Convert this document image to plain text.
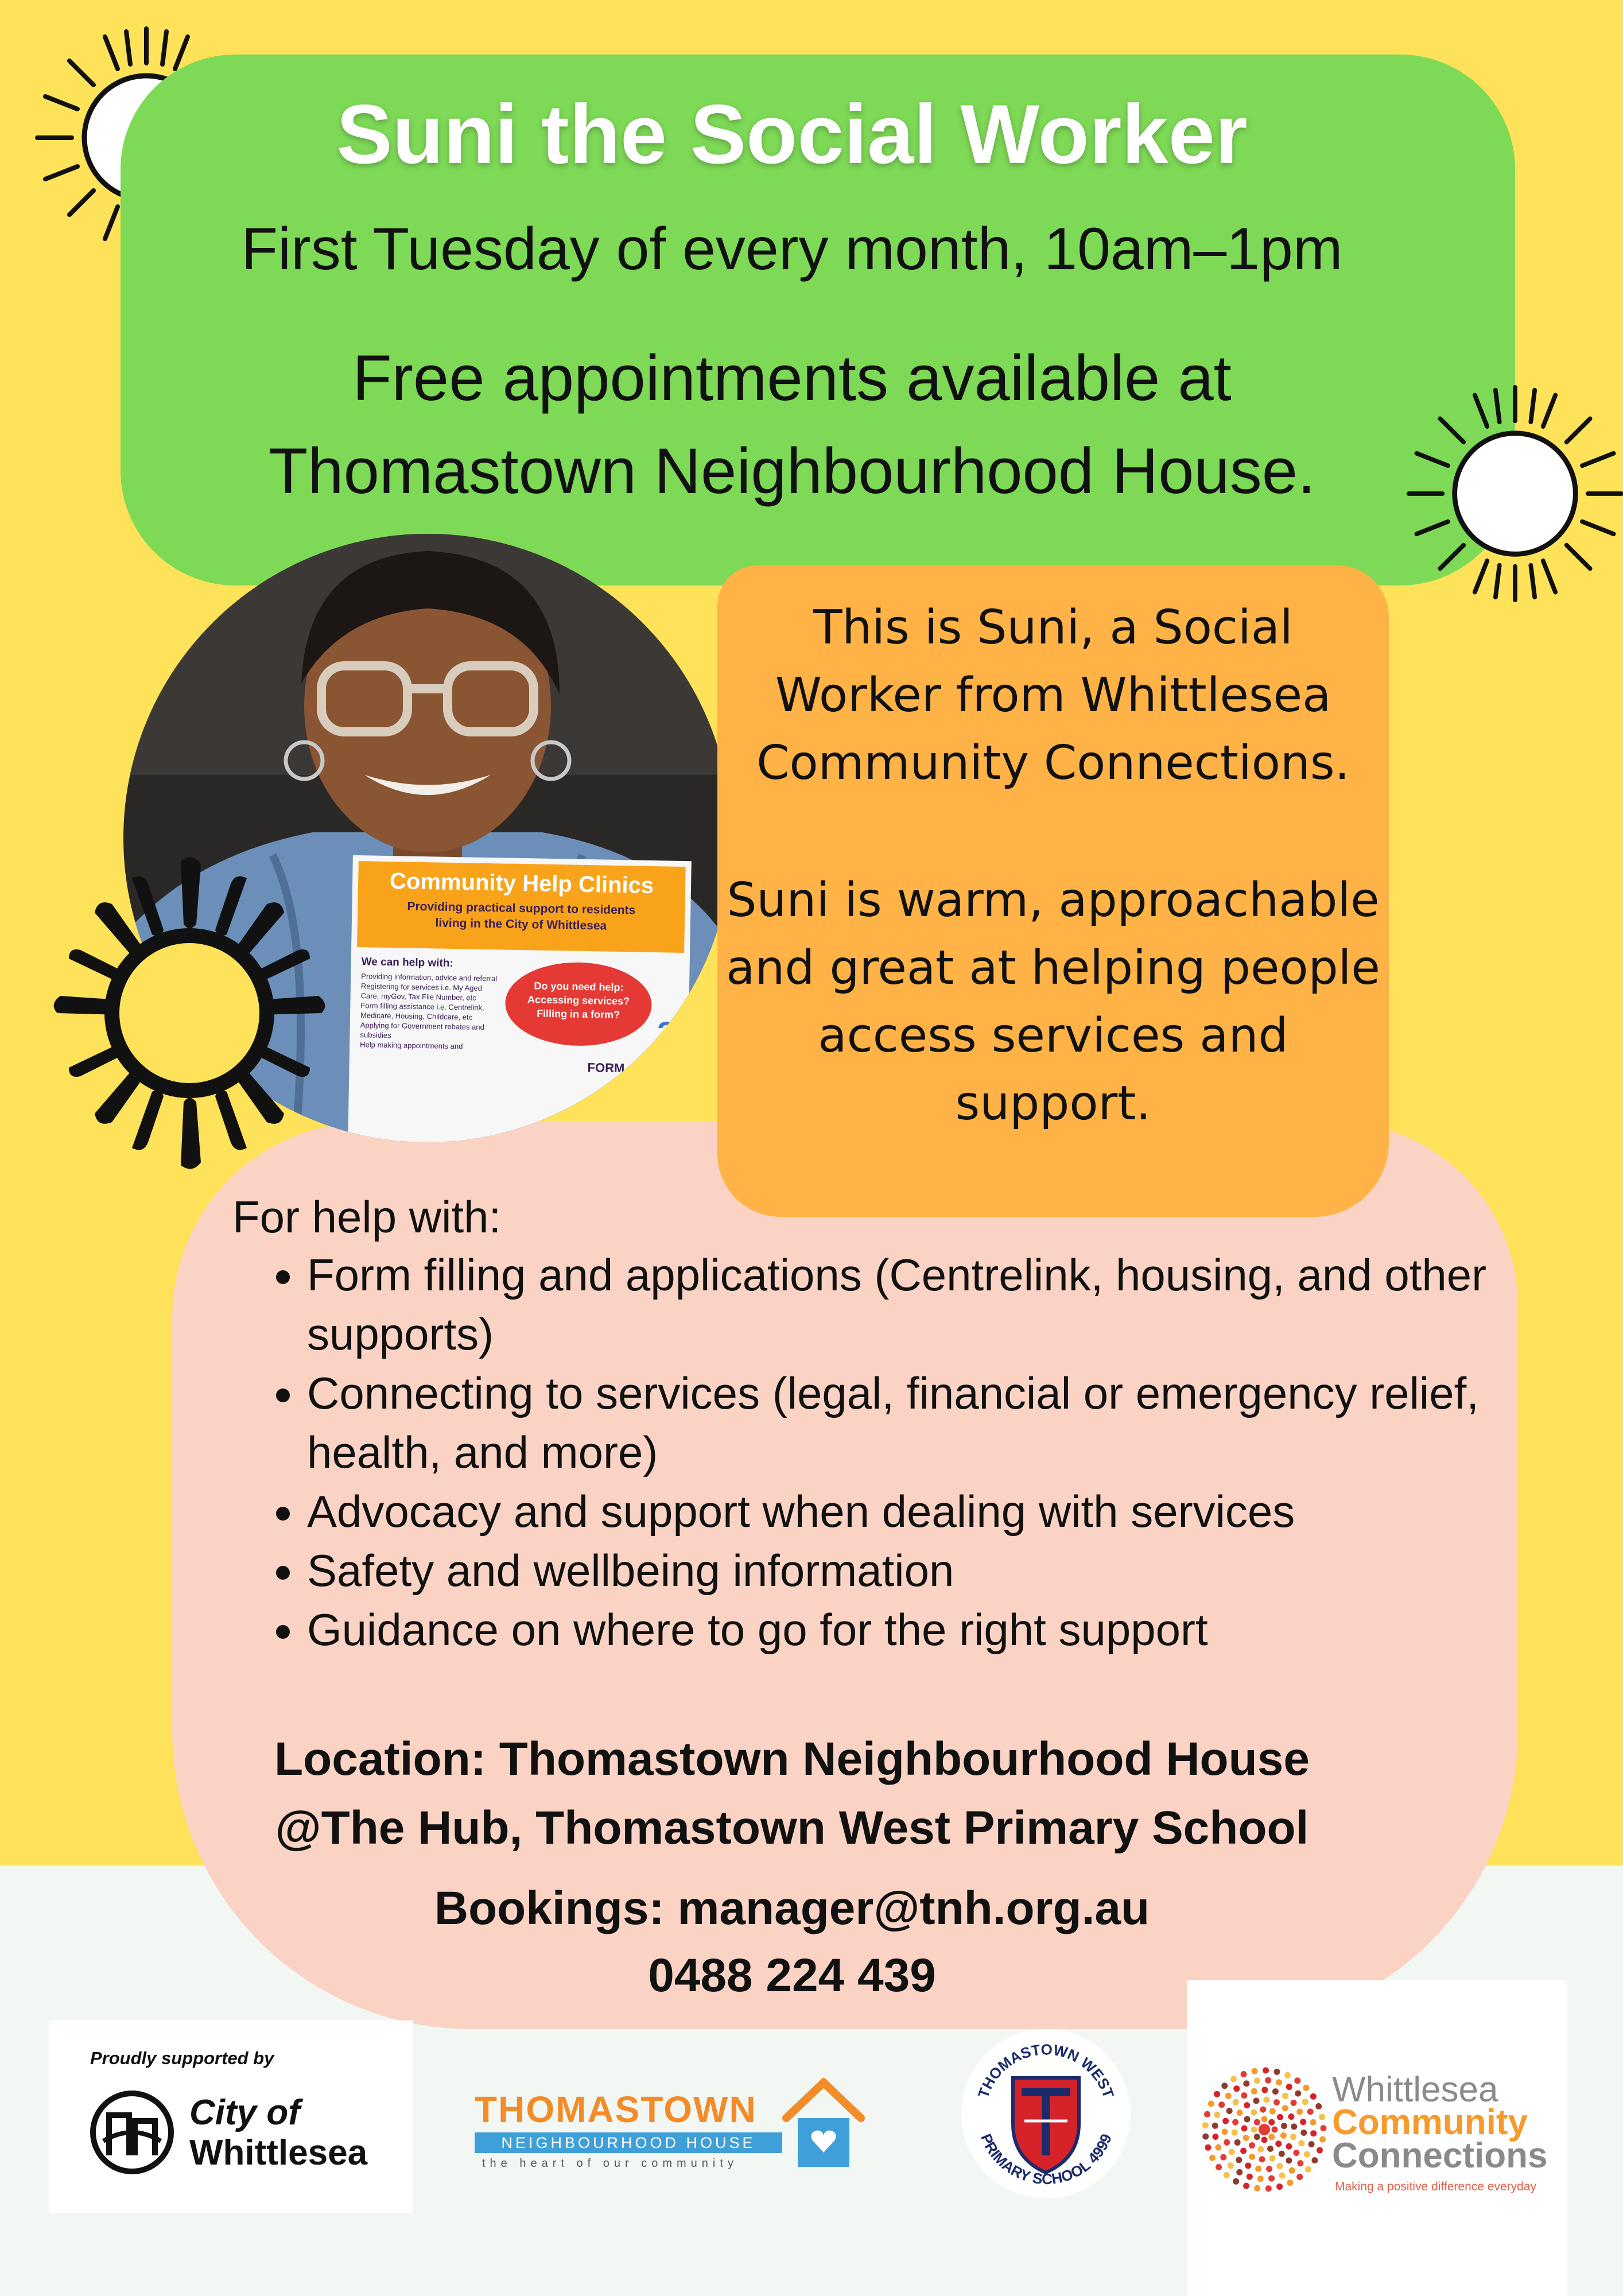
Suni the Social Worker
First Tuesday of every month, 10am–1pm
Free appointments available at
Thomastown Neighbourhood House.
Community Help Clinics
Providing practical support to residents
living in the City of Whittlesea
We can help with:
Providing information, advice and referral
Registering for services i.e. My Aged Care, myGov, Tax File Number, etc
Form filling assistance i.e. Centrelink, Medicare, Housing, Childcare, etc
Applying for Government rebates and subsidies
Help making appointments and
Do you need help:
Accessing services?
Filling in a form?
FORM
?
This is Suni, a Social
Worker from Whittlesea
Community Connections.
Suni is warm, approachable
and great at helping people
access services and support.
For help with:
• Form filling and applications (Centrelink, housing, and other supports)
• Connecting to services (legal, financial or emergency relief, health, and more)
• Advocacy and support when dealing with services
• Safety and wellbeing information
• Guidance on where to go for the right support
Location: Thomastown Neighbourhood House
@The Hub, Thomastown West Primary School
Bookings: manager@tnh.org.au
0488 224 439
Proudly supported by
City of
Whittlesea
THOMASTOWN
NEIGHBOURHOOD HOUSE
the heart of our community
THOMASTOWN WEST
PRIMARY SCHOOL 4999
Whittlesea
Community
Connections
Making a positive difference everyday
